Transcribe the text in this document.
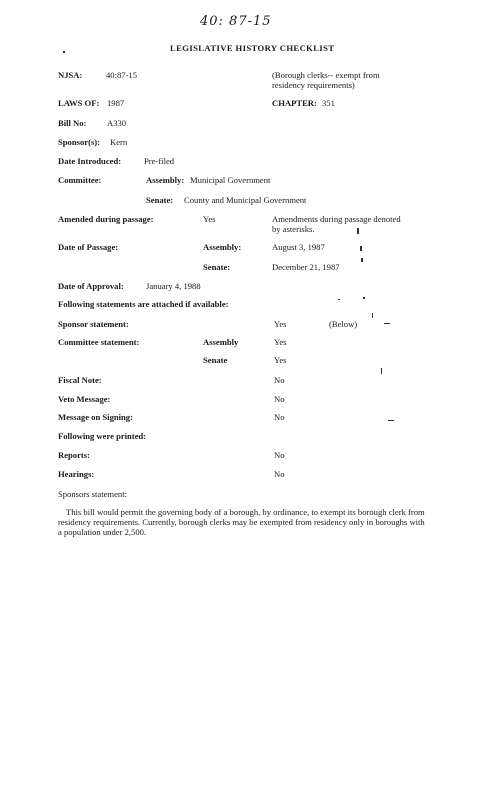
40: 87-15
LEGISLATIVE HISTORY CHECKLIST
NJSA:	40:87-15	(Borough clerks-- exempt from
residency requirements)
LAWS OF: 1987	CHAPTER: 351
Bill No: A330
Sponsor(s): Kern
Date Introduced:	Pre-filed
Committee:	Assembly: Municipal Government
Senate: County and Municipal Government
Amended during passage:	Yes	Amendments during passage denoted
by asterisks.
Date of Passage:	Assembly:	August 3, 1987
Senate:	December 21, 1987
Date of Approval:	January 4, 1988
Following statements are attached if available:
Sponsor statement:	Yes	(Below)
Committee statement:	Assembly	Yes
Senate	Yes
Fiscal Note:	No
Veto Message:	No
Message on Signing:	No
Following were printed:
Reports:	No
Hearings:	No
Sponsors statement:
This bill would permit the governing body of a borough, by ordinance, to exempt its borough clerk from residency requirements. Currently, borough clerks may be exempted from residency only in boroughs with a population under 2,500.
